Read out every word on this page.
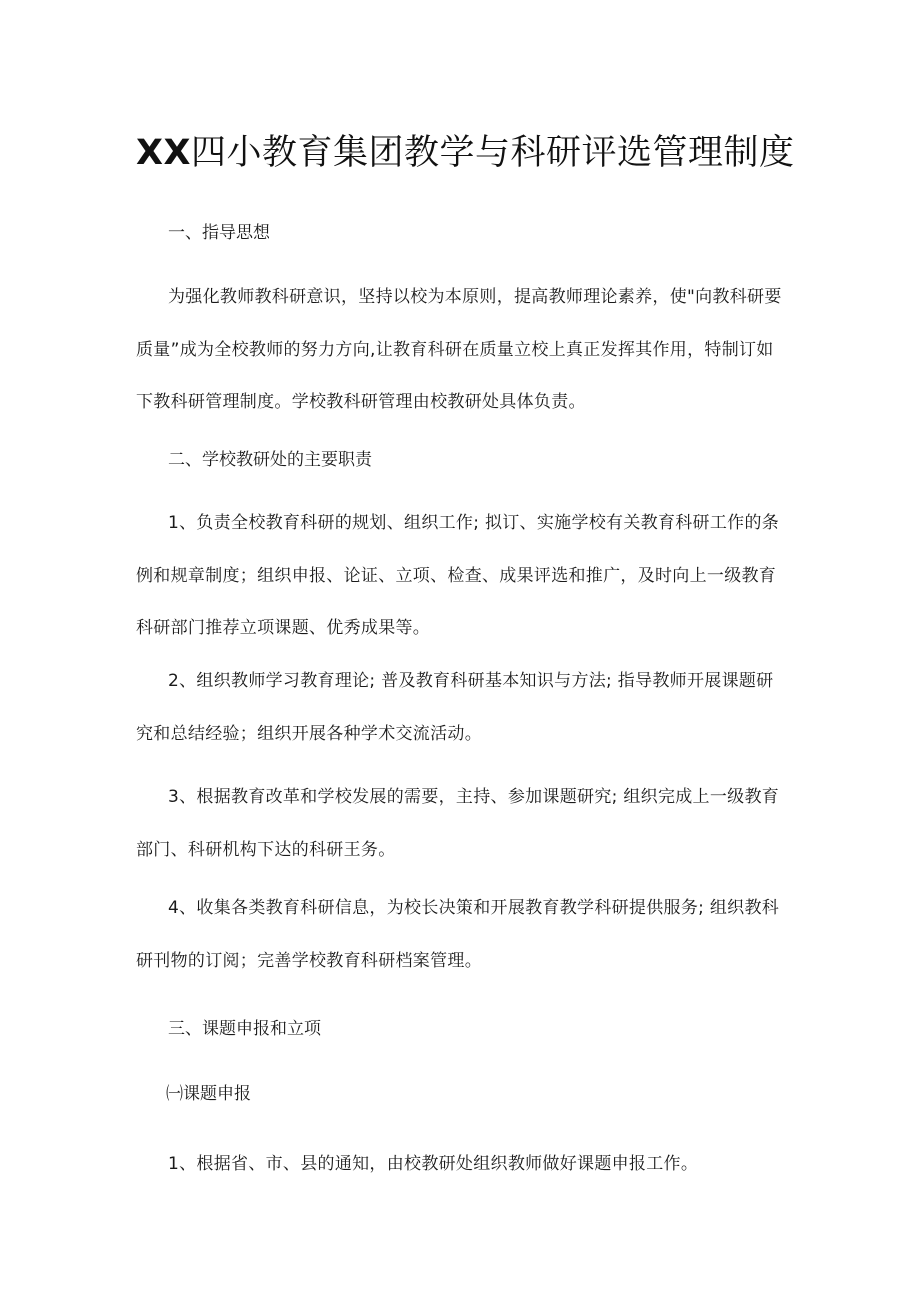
XX四小教育集团教学与科研评选管理制度

一、指导思想

为强化教师教科研意识，坚持以校为本原则，提高教师理论素养，使"向教科研要质量”成为全校教师的努力方向,让教育科研在质量立校上真正发挥其作用，特制订如下教科研管理制度。学校教科研管理由校教研处具体负责。

二、学校教研处的主要职责

1、负责全校教育科研的规划、组织工作; 拟订、实施学校有关教育科研工作的条例和规章制度；组织申报、论证、立项、检查、成果评选和推广，及时向上一级教育科研部门推荐立项课题、优秀成果等。

2、组织教师学习教育理论; 普及教育科研基本知识与方法; 指导教师开展课题研究和总结经验；组织开展各种学术交流活动。

3、根据教育改革和学校发展的需要，主持、参加课题研究; 组织完成上一级教育部门、科研机构下达的科研王务。

4、收集各类教育科研信息，为校长决策和开展教育教学科研提供服务; 组织教科研刊物的订阅；完善学校教育科研档案管理。

三、课题申报和立项

㈠课题申报

1、根据省、市、县的通知，由校教研处组织教师做好课题申报工作。
